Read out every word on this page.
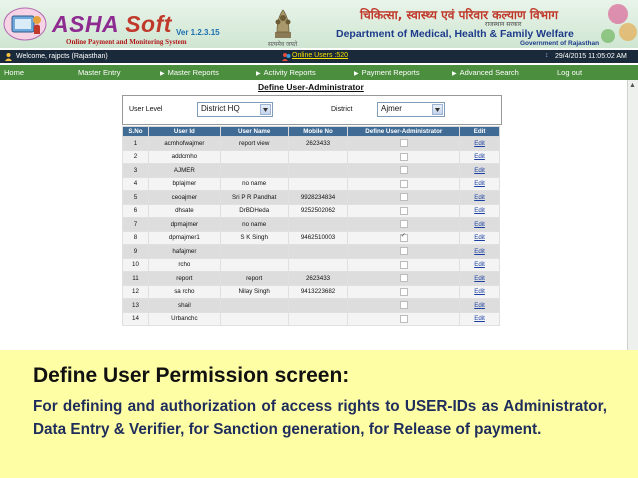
ASHA Soft Ver 1.2.3.15
Online Payment and Monitoring System	सत्यमेव जयते
चिकित्सा, स्वास्थ्य एवं परिवार कल्याण विभाग
राजस्थान सरकार
Department of Medical, Health & Family Welfare
Government of Rajasthan
Welcome, rajpcts (Rajasthan)	Online Users :520	↕ 29/4/2015 11:05:02 AM
Home	Master Entry	▶ Master Reports	▶ Activity Reports	▶ Payment Reports	▶ Advanced Search	Log out
▲
Define User-Administrator
User Level	District HQ	District	Ajmer
S.No	User Id	User Name	Mobile No	Define User-Administrator	Edit
1	acmhofwajmer	report view	2623433		Edit
2	addcmho				Edit
3	AJMER				Edit
4	bplajmer	no name			Edit
5	ceoajmer	Sri P R Pandhat	9928234834		Edit
6	dhsate	DrBDHeda	9252502062		Edit
7	dpmajmer	no name			Edit
8	dpmajmer1	S K Singh	9462510003	✓	Edit
9	hafajmer				Edit
10	rcho				Edit
11	report	report	2623433		Edit
12	sa rcho	Nilay Singh	9413223682		Edit
13	shail				Edit
14	Urbanchc				Edit
Define User Permission screen:
For defining and authorization of access rights to USER-IDs as Administrator, Data Entry & Verifier, for Sanction generation, for Release of payment.
